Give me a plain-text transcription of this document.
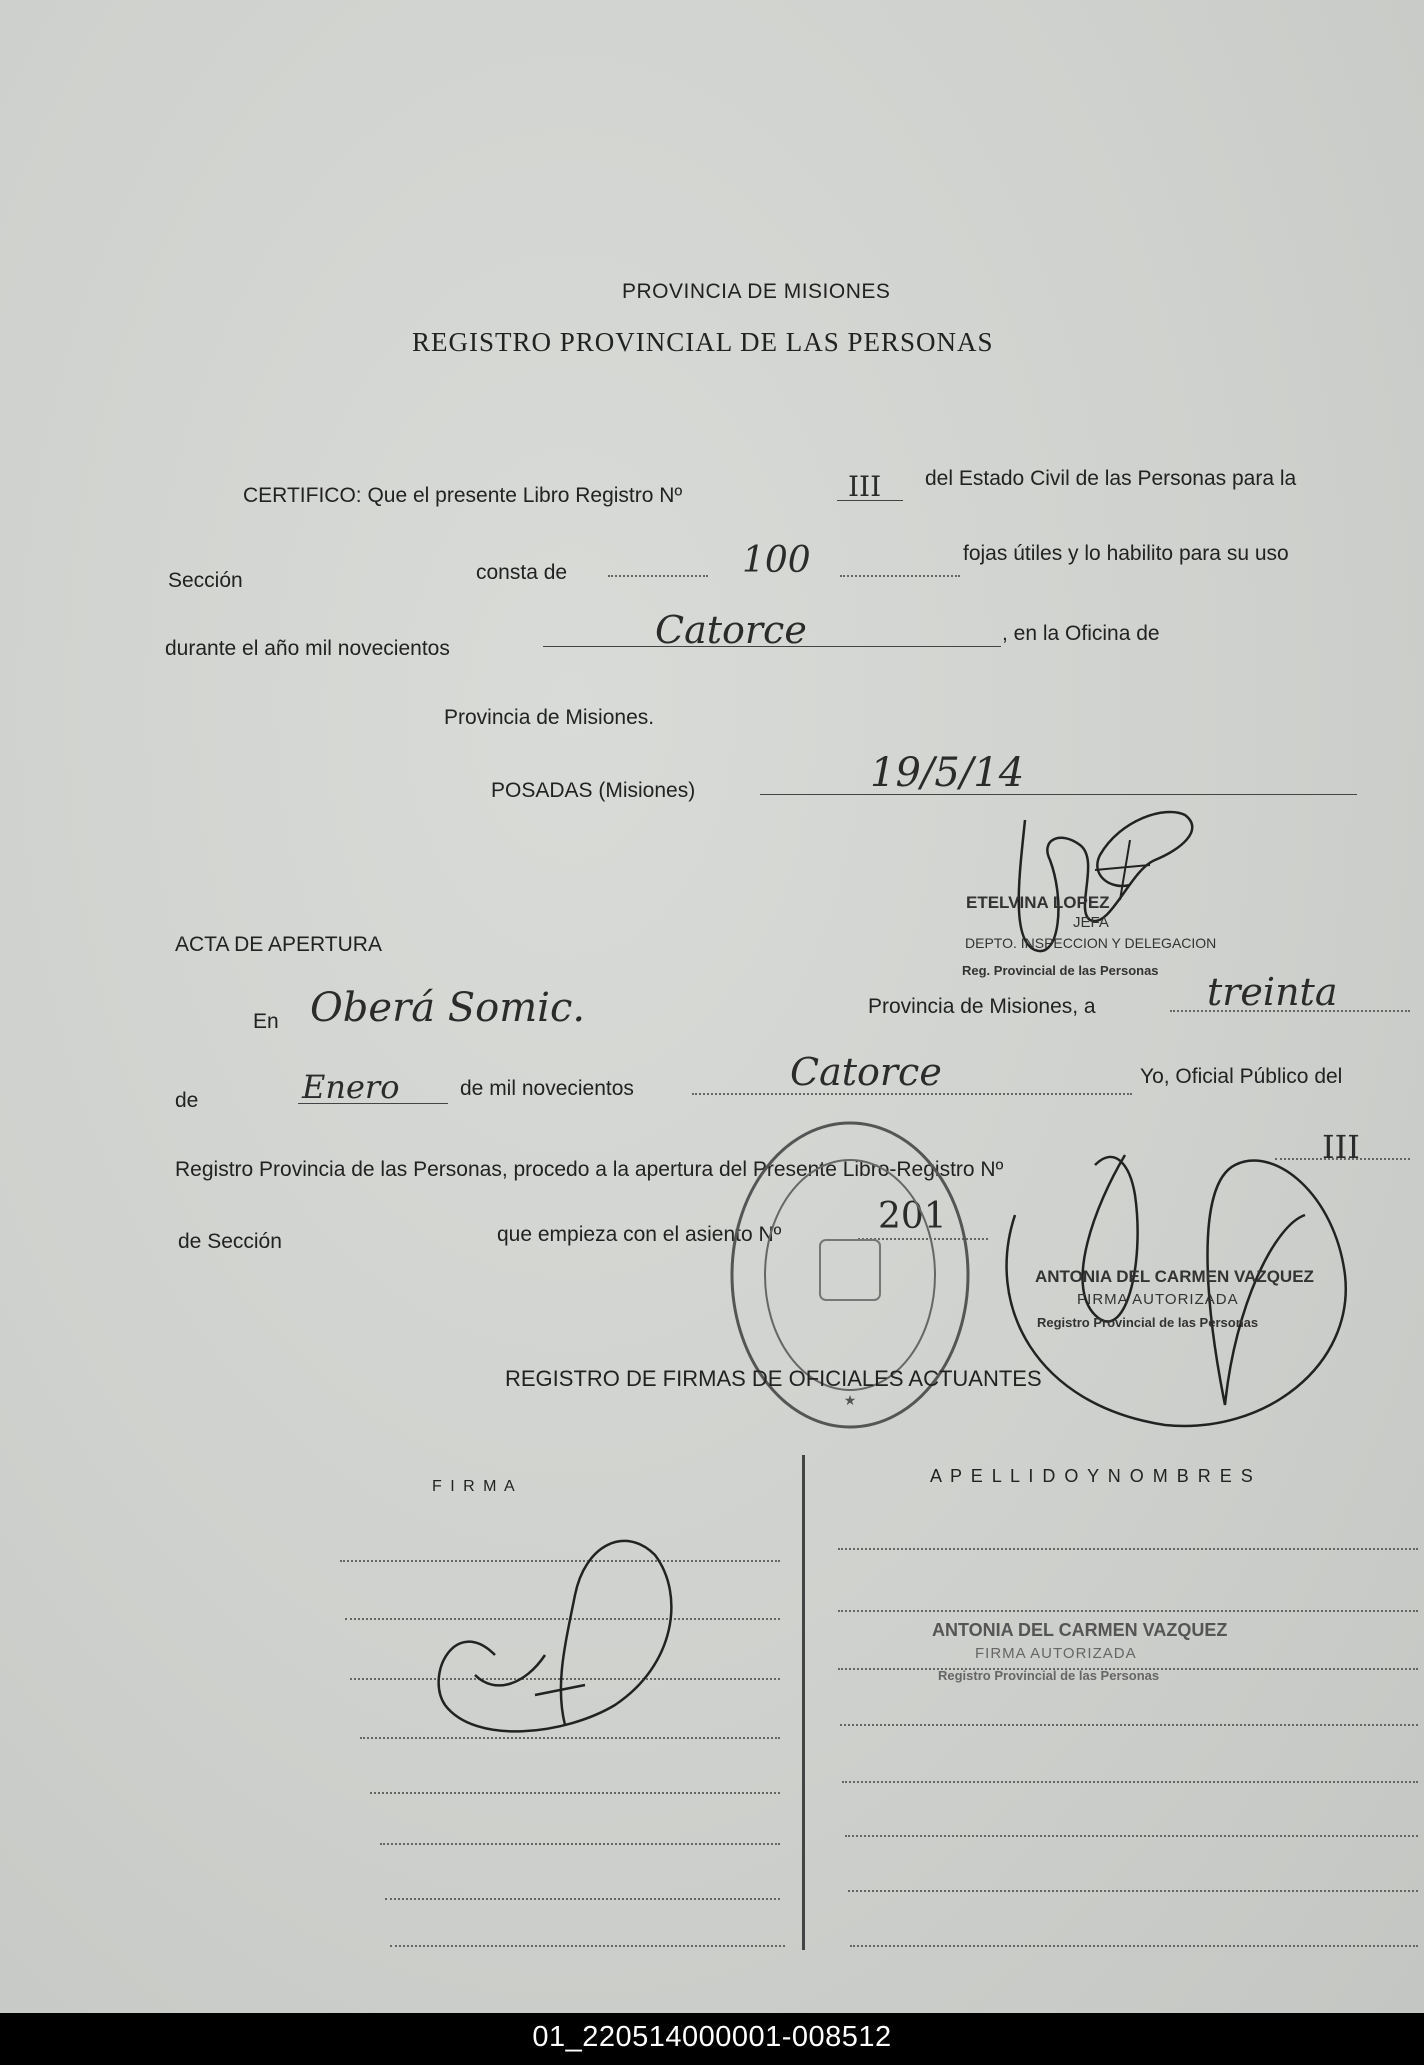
PROVINCIA DE MISIONES
REGISTRO PROVINCIAL DE LAS PERSONAS
CERTIFICO: Que el presente Libro Registro Nº	III del Estado Civil de las Personas para la
Sección	consta de	100	fojas útiles y lo habilito para su uso
durante el año mil novecientos	Catorce	, en la Oficina de
Provincia de Misiones.
POSADAS (Misiones)	19/5/14
ETELVINA LOPEZ
JEFA
DEPTO. INSPECCION Y DELEGACION
Reg. Provincial de las Personas
ACTA DE APERTURA
En Oberá Somic.	Provincia de Misiones, a	treinta
de	Enero	de mil novecientos	Catorce	Yo, Oficial Público del
Registro Provincia de las Personas, procedo a la apertura del Presente Libro-Registro Nº
III
de Sección	que empieza con el asiento Nº	201
★
ANTONIA DEL CARMEN VAZQUEZ
FIRMA AUTORIZADA
Registro Provincial de las Personas
REGISTRO DE FIRMAS DE OFICIALES ACTUANTES
F I R M A
A P E L L I D O Y N O M B R E S
ANTONIA DEL CARMEN VAZQUEZ
FIRMA AUTORIZADA
Registro Provincial de las Personas
01_220514000001-008512
